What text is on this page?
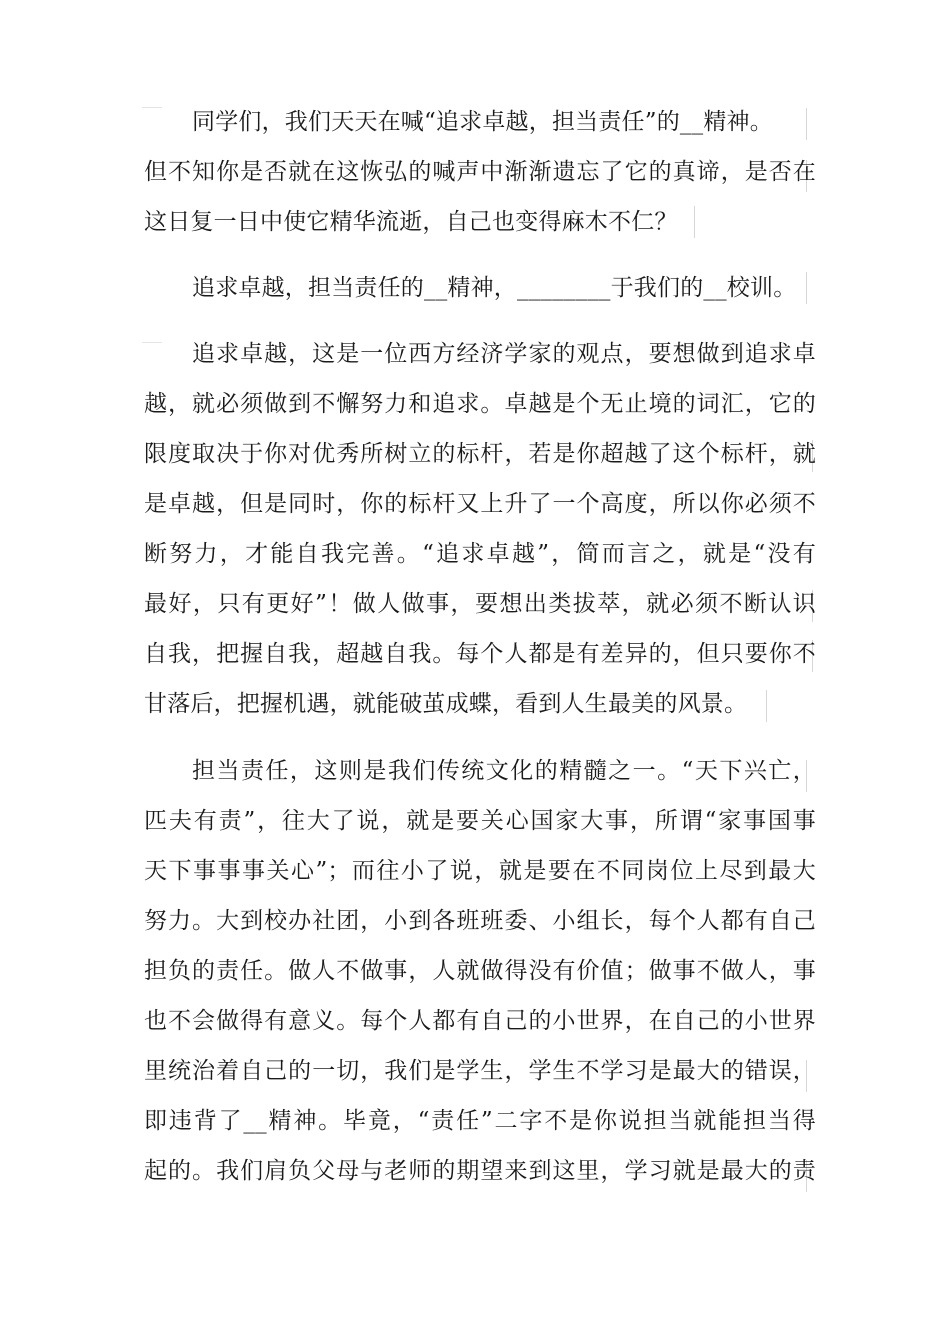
同学们，我们天天在喊“追求卓越，担当责任”的__精神。
但不知你是否就在这恢弘的喊声中渐渐遗忘了它的真谛，是否在
这日复一日中使它精华流逝，自己也变得麻木不仁？
追求卓越，担当责任的__精神，________于我们的__校训。
追求卓越，这是一位西方经济学家的观点，要想做到追求卓
越，就必须做到不懈努力和追求。卓越是个无止境的词汇，它的
限度取决于你对优秀所树立的标杆，若是你超越了这个标杆，就
是卓越，但是同时，你的标杆又上升了一个高度，所以你必须不
断努力，才能自我完善。“追求卓越”，简而言之，就是“没有
最好，只有更好”！做人做事，要想出类拔萃，就必须不断认识
自我，把握自我，超越自我。每个人都是有差异的，但只要你不
甘落后，把握机遇，就能破茧成蝶，看到人生最美的风景。
担当责任，这则是我们传统文化的精髓之一。“天下兴亡，
匹夫有责”，往大了说，就是要关心国家大事，所谓“家事国事
天下事事事关心”；而往小了说，就是要在不同岗位上尽到最大
努力。大到校办社团，小到各班班委、小组长，每个人都有自己
担负的责任。做人不做事，人就做得没有价值；做事不做人，事
也不会做得有意义。每个人都有自己的小世界，在自己的小世界
里统治着自己的一切，我们是学生，学生不学习是最大的错误，
即违背了__精神。毕竟，“责任”二字不是你说担当就能担当得
起的。我们肩负父母与老师的期望来到这里，学习就是最大的责
